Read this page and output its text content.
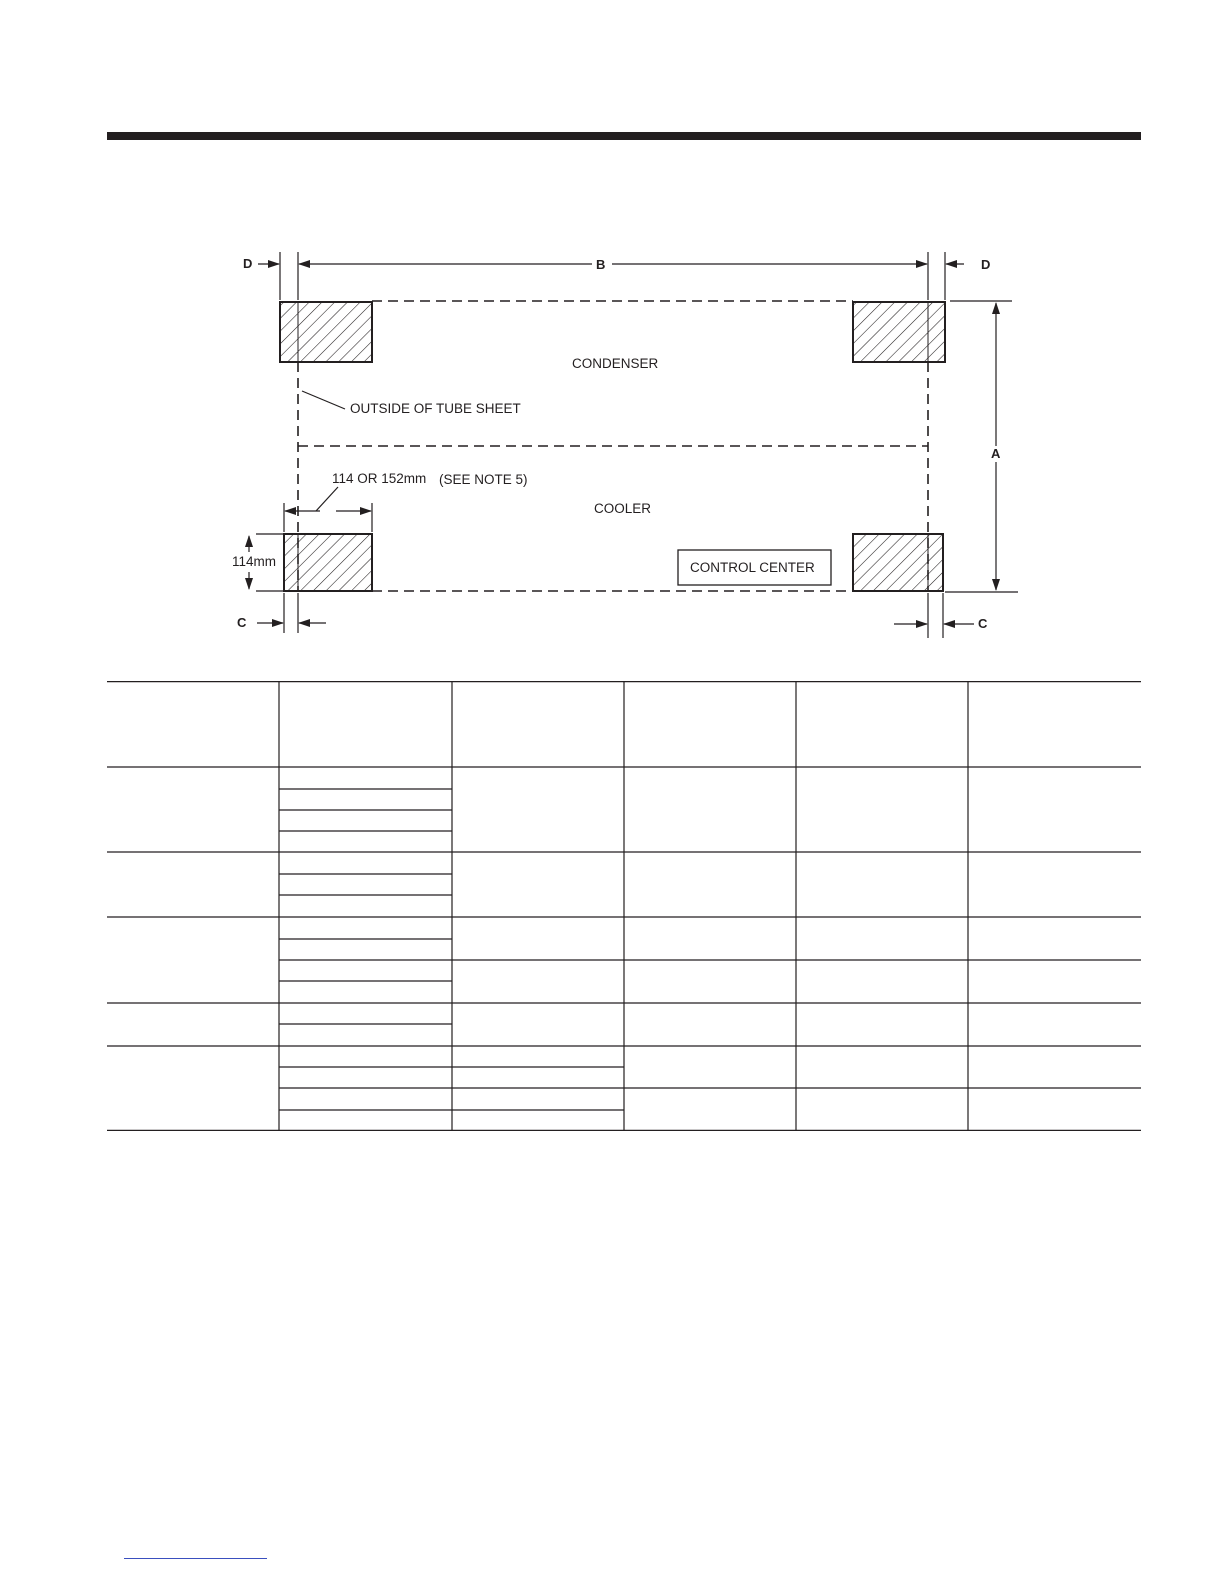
D	B	D
A
C	C
114 OR 152mm (SEE NOTE 5)
114mm
OUTSIDE OF TUBE SHEET
CONDENSER
COOLER
CONTROL CENTER
